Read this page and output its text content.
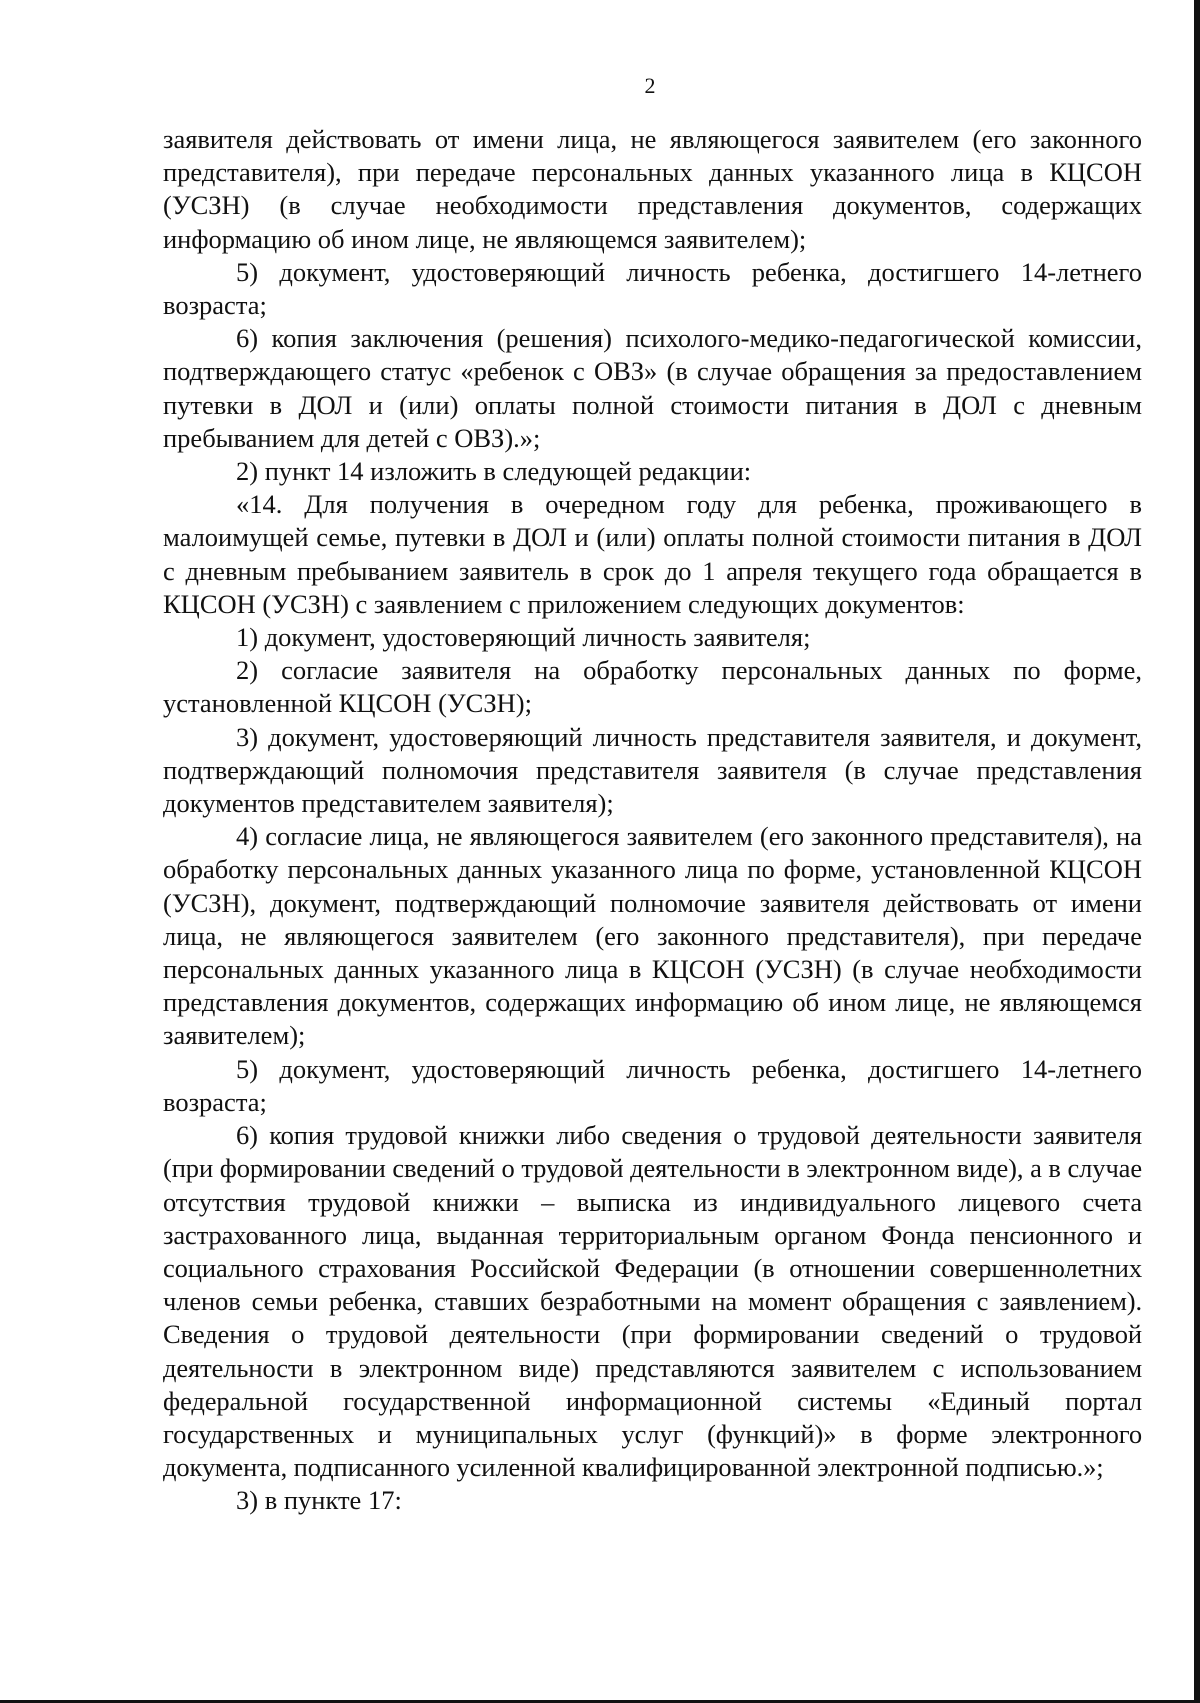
2

заявителя действовать от имени лица, не являющегося заявителем (его законного представителя), при передаче персональных данных указанного лица в КЦСОН (УСЗН) (в случае необходимости представления документов, содержащих информацию об ином лице, не являющемся заявителем);

5) документ, удостоверяющий личность ребенка, достигшего 14-летнего возраста;

6) копия заключения (решения) психолого-медико-педагогической комиссии, подтверждающего статус «ребенок с ОВЗ» (в случае обращения за предоставлением путевки в ДОЛ и (или) оплаты полной стоимости питания в ДОЛ с дневным пребыванием для детей с ОВЗ).»;

2) пункт 14 изложить в следующей редакции:

«14. Для получения в очередном году для ребенка, проживающего в малоимущей семье, путевки в ДОЛ и (или) оплаты полной стоимости питания в ДОЛ с дневным пребыванием заявитель в срок до 1 апреля текущего года обращается в КЦСОН (УСЗН) с заявлением с приложением следующих документов:

1) документ, удостоверяющий личность заявителя;

2) согласие заявителя на обработку персональных данных по форме, установленной КЦСОН (УСЗН);

3) документ, удостоверяющий личность представителя заявителя, и документ, подтверждающий полномочия представителя заявителя (в случае представления документов представителем заявителя);

4) согласие лица, не являющегося заявителем (его законного представителя), на обработку персональных данных указанного лица по форме, установленной КЦСОН (УСЗН), документ, подтверждающий полномочие заявителя действовать от имени лица, не являющегося заявителем (его законного представителя), при передаче персональных данных указанного лица в КЦСОН (УСЗН) (в случае необходимости представления документов, содержащих информацию об ином лице, не являющемся заявителем);

5) документ, удостоверяющий личность ребенка, достигшего 14-летнего возраста;

6) копия трудовой книжки либо сведения о трудовой деятельности заявителя (при формировании сведений о трудовой деятельности в электронном виде), а в случае отсутствия трудовой книжки – выписка из индивидуального лицевого счета застрахованного лица, выданная территориальным органом Фонда пенсионного и социального страхования Российской Федерации (в отношении совершеннолетних членов семьи ребенка, ставших безработными на момент обращения с заявлением). Сведения о трудовой деятельности (при формировании сведений о трудовой деятельности в электронном виде) представляются заявителем с использованием федеральной государственной информационной системы «Единый портал государственных и муниципальных услуг (функций)» в форме электронного документа, подписанного усиленной квалифицированной электронной подписью.»;

3) в пункте 17:
